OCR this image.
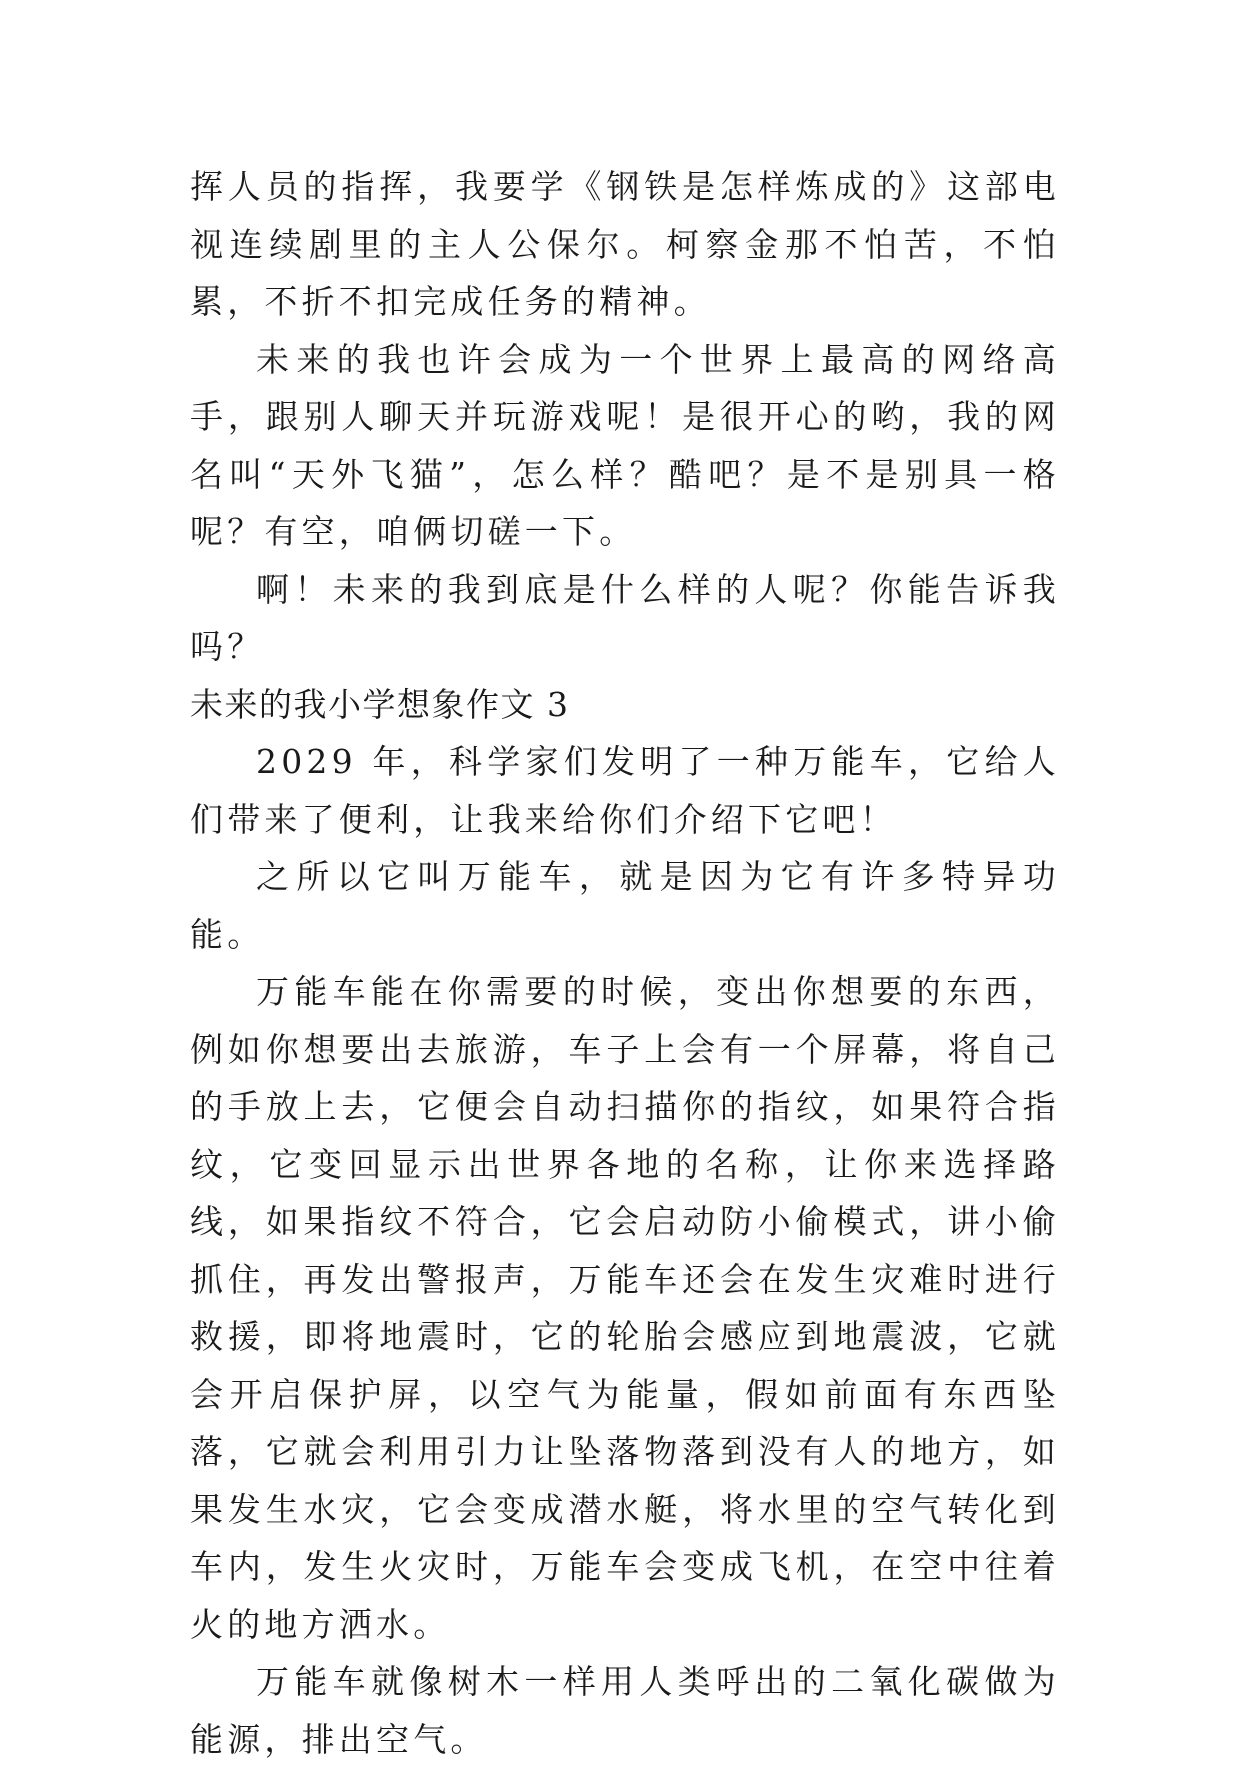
挥人员的指挥，我要学《钢铁是怎样炼成的》这部电视连续剧里的主人公保尔。柯察金那不怕苦，不怕累，不折不扣完成任务的精神。

未来的我也许会成为一个世界上最高的网络高手，跟别人聊天并玩游戏呢！是很开心的哟，我的网名叫“天外飞猫”，怎么样？酷吧？是不是别具一格呢？有空，咱俩切磋一下。

啊！未来的我到底是什么样的人呢？你能告诉我吗？

未来的我小学想象作文 3

2029 年，科学家们发明了一种万能车，它给人们带来了便利，让我来给你们介绍下它吧！

之所以它叫万能车，就是因为它有许多特异功能。

万能车能在你需要的时候，变出你想要的东西，例如你想要出去旅游，车子上会有一个屏幕，将自己的手放上去，它便会自动扫描你的指纹，如果符合指纹，它变回显示出世界各地的名称，让你来选择路线，如果指纹不符合，它会启动防小偷模式，讲小偷抓住，再发出警报声，万能车还会在发生灾难时进行救援，即将地震时，它的轮胎会感应到地震波，它就会开启保护屏，以空气为能量，假如前面有东西坠落，它就会利用引力让坠落物落到没有人的地方，如果发生水灾，它会变成潜水艇，将水里的空气转化到车内，发生火灾时，万能车会变成飞机，在空中往着火的地方洒水。

万能车就像树木一样用人类呼出的二氧化碳做为能源，排出空气。
